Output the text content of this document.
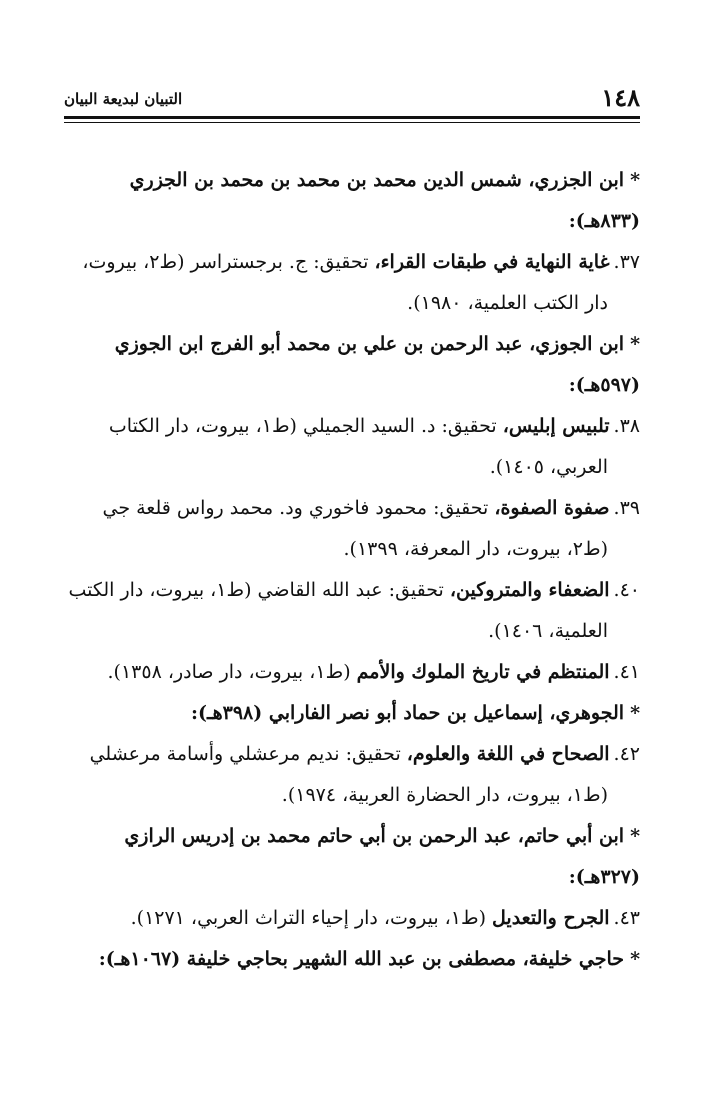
١٤٨
التبيان لبديعة البيان

*ابن الجزري، شمس الدين محمد بن محمد بن محمد بن الجزري
(٨٣٣هـ):

٣٧.غاية النهاية في طبقات القراء، تحقيق: ج. برجستراسر (ط٢، بيروت،
دار الكتب العلمية، ١٩٨٠).

*ابن الجوزي، عبد الرحمن بن علي بن محمد أبو الفرج ابن الجوزي
(٥٩٧هـ):

٣٨.تلبيس إبليس، تحقيق: د. السيد الجميلي (ط١، بيروت، دار الكتاب
العربي، ١٤٠٥).

٣٩.صفوة الصفوة، تحقيق: محمود فاخوري ود. محمد رواس قلعة جي
(ط٢، بيروت، دار المعرفة، ١٣٩٩).

٤٠.الضعفاء والمتروكين، تحقيق: عبد الله القاضي (ط١، بيروت، دار الكتب
العلمية، ١٤٠٦).

٤١.المنتظم في تاريخ الملوك والأمم (ط١، بيروت، دار صادر، ١٣٥٨).

*الجوهري، إسماعيل بن حماد أبو نصر الفارابي (٣٩٨هـ):

٤٢.الصحاح في اللغة والعلوم، تحقيق: نديم مرعشلي وأسامة مرعشلي
(ط١، بيروت، دار الحضارة العربية، ١٩٧٤).

*ابن أبي حاتم، عبد الرحمن بن أبي حاتم محمد بن إدريس الرازي
(٣٢٧هـ):

٤٣.الجرح والتعديل (ط١، بيروت، دار إحياء التراث العربي، ١٢٧١).

*حاجي خليفة، مصطفى بن عبد الله الشهير بحاجي خليفة (١٠٦٧هـ):
